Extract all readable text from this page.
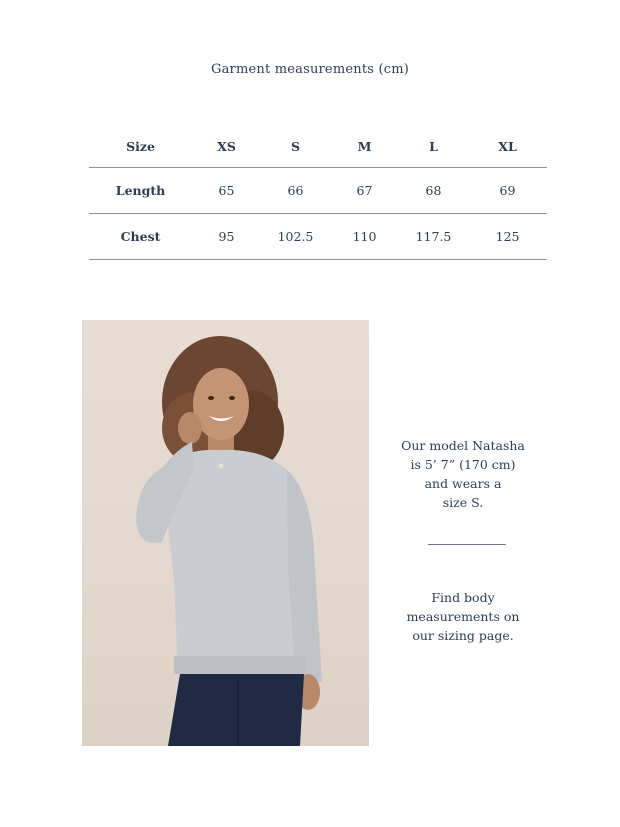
Garment measurements (cm)
Size	XS	S	M	L	XL
Length	65	66	67	68	69
Chest	95	102.5	110	117.5	125
Our model Natasha
is 5’ 7” (170 cm)
and wears a
size S.
Find body
measurements on
our sizing page.
